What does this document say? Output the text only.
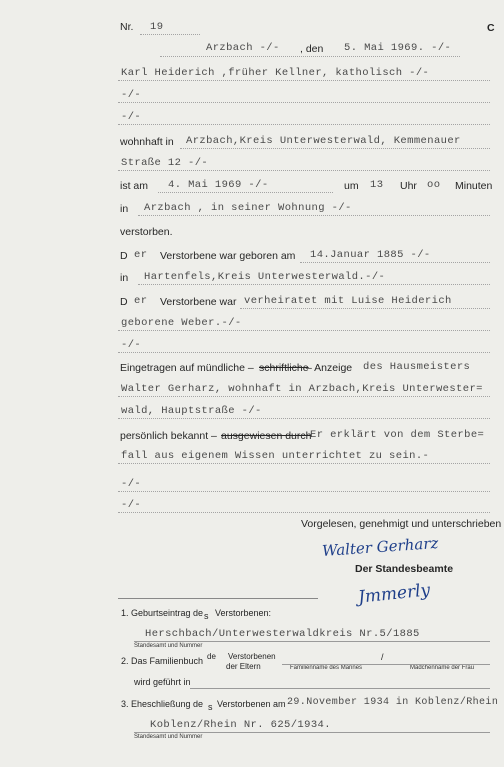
Nr. 19	C
Arzbach -/- , den 5. Mai 1969. -/-
Karl Heiderich ,früher Kellner, katholisch -/-
-/-
-/-
wohnhaft in Arzbach,Kreis Unterwesterwald, Kemmenauer
Straße 12 -/-
ist am 4. Mai 1969 -/-	um 13 Uhr oo Minuten
in Arzbach , in seiner Wohnung -/-
verstorben.
D er Verstorbene war geboren am 14.Januar 1885 -/-
in Hartenfels,Kreis Unterwesterwald.-/-
D er Verstorbene war verheiratet mit Luise Heiderich
geborene Weber.-/-
-/-
Eingetragen auf mündliche – schriftliche
– Anzeige des Hausmeisters
Walter Gerharz, wohnhaft in Arzbach,Kreis Unterwester=
wald, Hauptstraße -/-
persönlich bekannt – ausgewiesen durch
Er erklärt von dem Sterbe=
fall aus eigenem Wissen unterrichtet zu sein.-
-/-
-/-
Vorgelesen, genehmigt und unterschrieben
Walter Gerharz
Der Standesbeamte
Jmmerly
1. Geburtseintrag de s Verstorbenen:
Herschbach/Unterwesterwaldkreis Nr.5/1885
Standesamt und Nummer
2. Das Familienbuch de Verstorbenen
der Eltern	Familienname des Mannes
/
Mädchenname der Frau
wird geführt in
3. Eheschließung de s Verstorbenen am 29.November 1934 in Koblenz/Rhein
Koblenz/Rhein Nr. 625/1934.
Standesamt und Nummer
